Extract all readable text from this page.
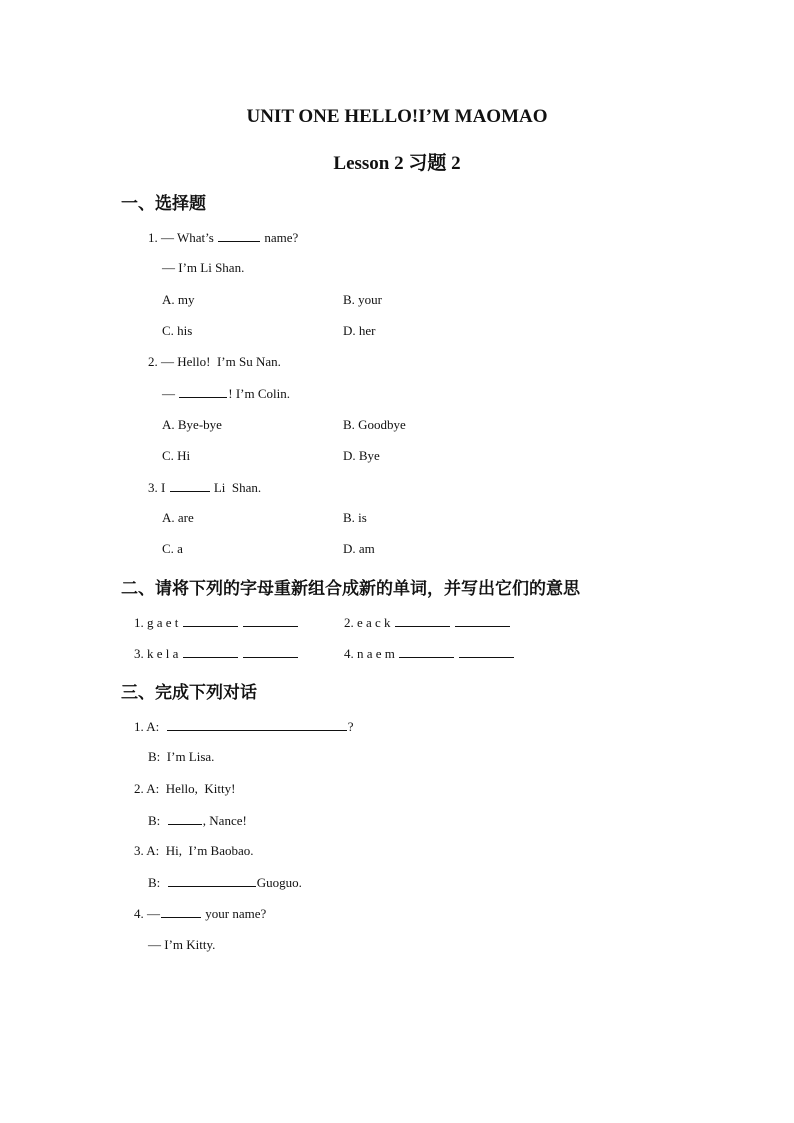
UNIT ONE HELLO!I’M MAOMAO
Lesson 2 习题 2
一、选择题
1. — What’s	name?
— I’m Li Shan.
A. my	B. your
C. his	D. her
2. — Hello!  I’m Su Nan.
—	! I’m Colin.
A. Bye-bye	B. Goodbye
C. Hi	D. Bye
3. I	Li  Shan.
A. are	B. is
C. a	D. am
二、请将下列的字母重新组合成新的单词，并写出它们的意思
1. g a e t	2. e a c k
3. k e l a	4. n a e m
三、完成下列对话
1. A:	?
B:  I’m Lisa.
2. A:  Hello,  Kitty!
B:	, Nance!
3. A:  Hi,  I’m Baobao.
B:	Guoguo.
4. —	your name?
— I’m Kitty.
